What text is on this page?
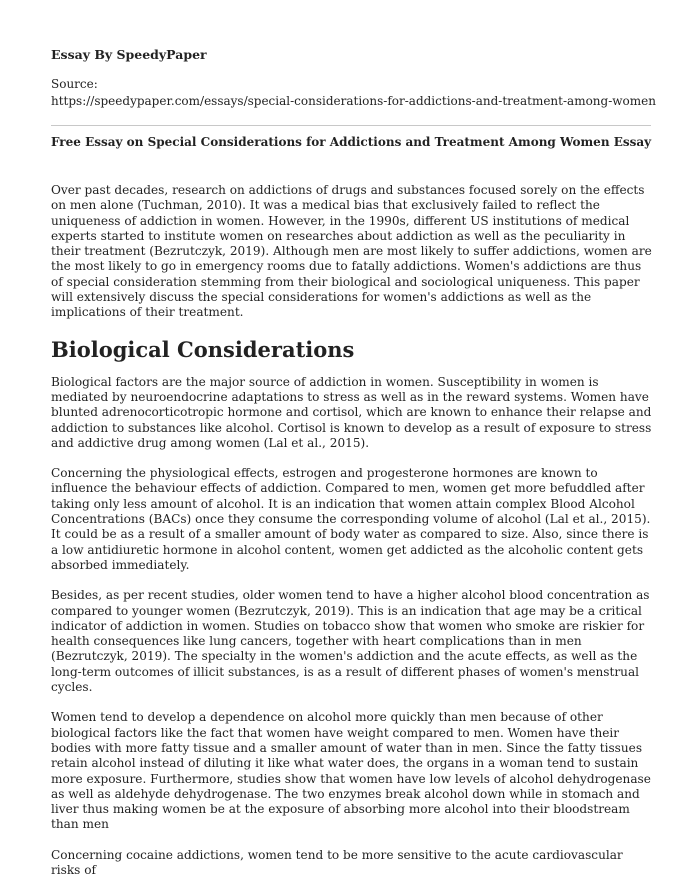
Essay By SpeedyPaper
Source:
https://speedypaper.com/essays/special-considerations-for-addictions-and-treatment-among-women
Free Essay on Special Considerations for Addictions and Treatment Among Women Essay

Over past decades, research on addictions of drugs and substances focused sorely on the effects on men alone (Tuchman, 2010). It was a medical bias that exclusively failed to reflect the uniqueness of addiction in women. However, in the 1990s, different US institutions of medical experts started to institute women on researches about addiction as well as the peculiarity in their treatment (Bezrutczyk, 2019). Although men are most likely to suffer addictions, women are the most likely to go in emergency rooms due to fatally addictions. Women's addictions are thus of special consideration stemming from their biological and sociological uniqueness. This paper will extensively discuss the special considerations for women's addictions as well as the implications of their treatment.

Biological Considerations

Biological factors are the major source of addiction in women. Susceptibility in women is mediated by neuroendocrine adaptations to stress as well as in the reward systems. Women have blunted adrenocorticotropic hormone and cortisol, which are known to enhance their relapse and addiction to substances like alcohol. Cortisol is known to develop as a result of exposure to stress and addictive drug among women (Lal et al., 2015).

Concerning the physiological effects, estrogen and progesterone hormones are known to influence the behaviour effects of addiction. Compared to men, women get more befuddled after taking only less amount of alcohol. It is an indication that women attain complex Blood Alcohol Concentrations (BACs) once they consume the corresponding volume of alcohol (Lal et al., 2015). It could be as a result of a smaller amount of body water as compared to size. Also, since there is a low antidiuretic hormone in alcohol content, women get addicted as the alcoholic content gets absorbed immediately.

Besides, as per recent studies, older women tend to have a higher alcohol blood concentration as compared to younger women (Bezrutczyk, 2019). This is an indication that age may be a critical indicator of addiction in women. Studies on tobacco show that women who smoke are riskier for health consequences like lung cancers, together with heart complications than in men (Bezrutczyk, 2019). The specialty in the women's addiction and the acute effects, as well as the long-term outcomes of illicit substances, is as a result of different phases of women's menstrual cycles.

Women tend to develop a dependence on alcohol more quickly than men because of other biological factors like the fact that women have weight compared to men. Women have their bodies with more fatty tissue and a smaller amount of water than in men. Since the fatty tissues retain alcohol instead of diluting it like what water does, the organs in a woman tend to sustain more exposure. Furthermore, studies show that women have low levels of alcohol dehydrogenase as well as aldehyde dehydrogenase. The two enzymes break alcohol down while in stomach and liver thus making women be at the exposure of absorbing more alcohol into their bloodstream than men

Concerning cocaine addictions, women tend to be more sensitive to the acute cardiovascular risks of
